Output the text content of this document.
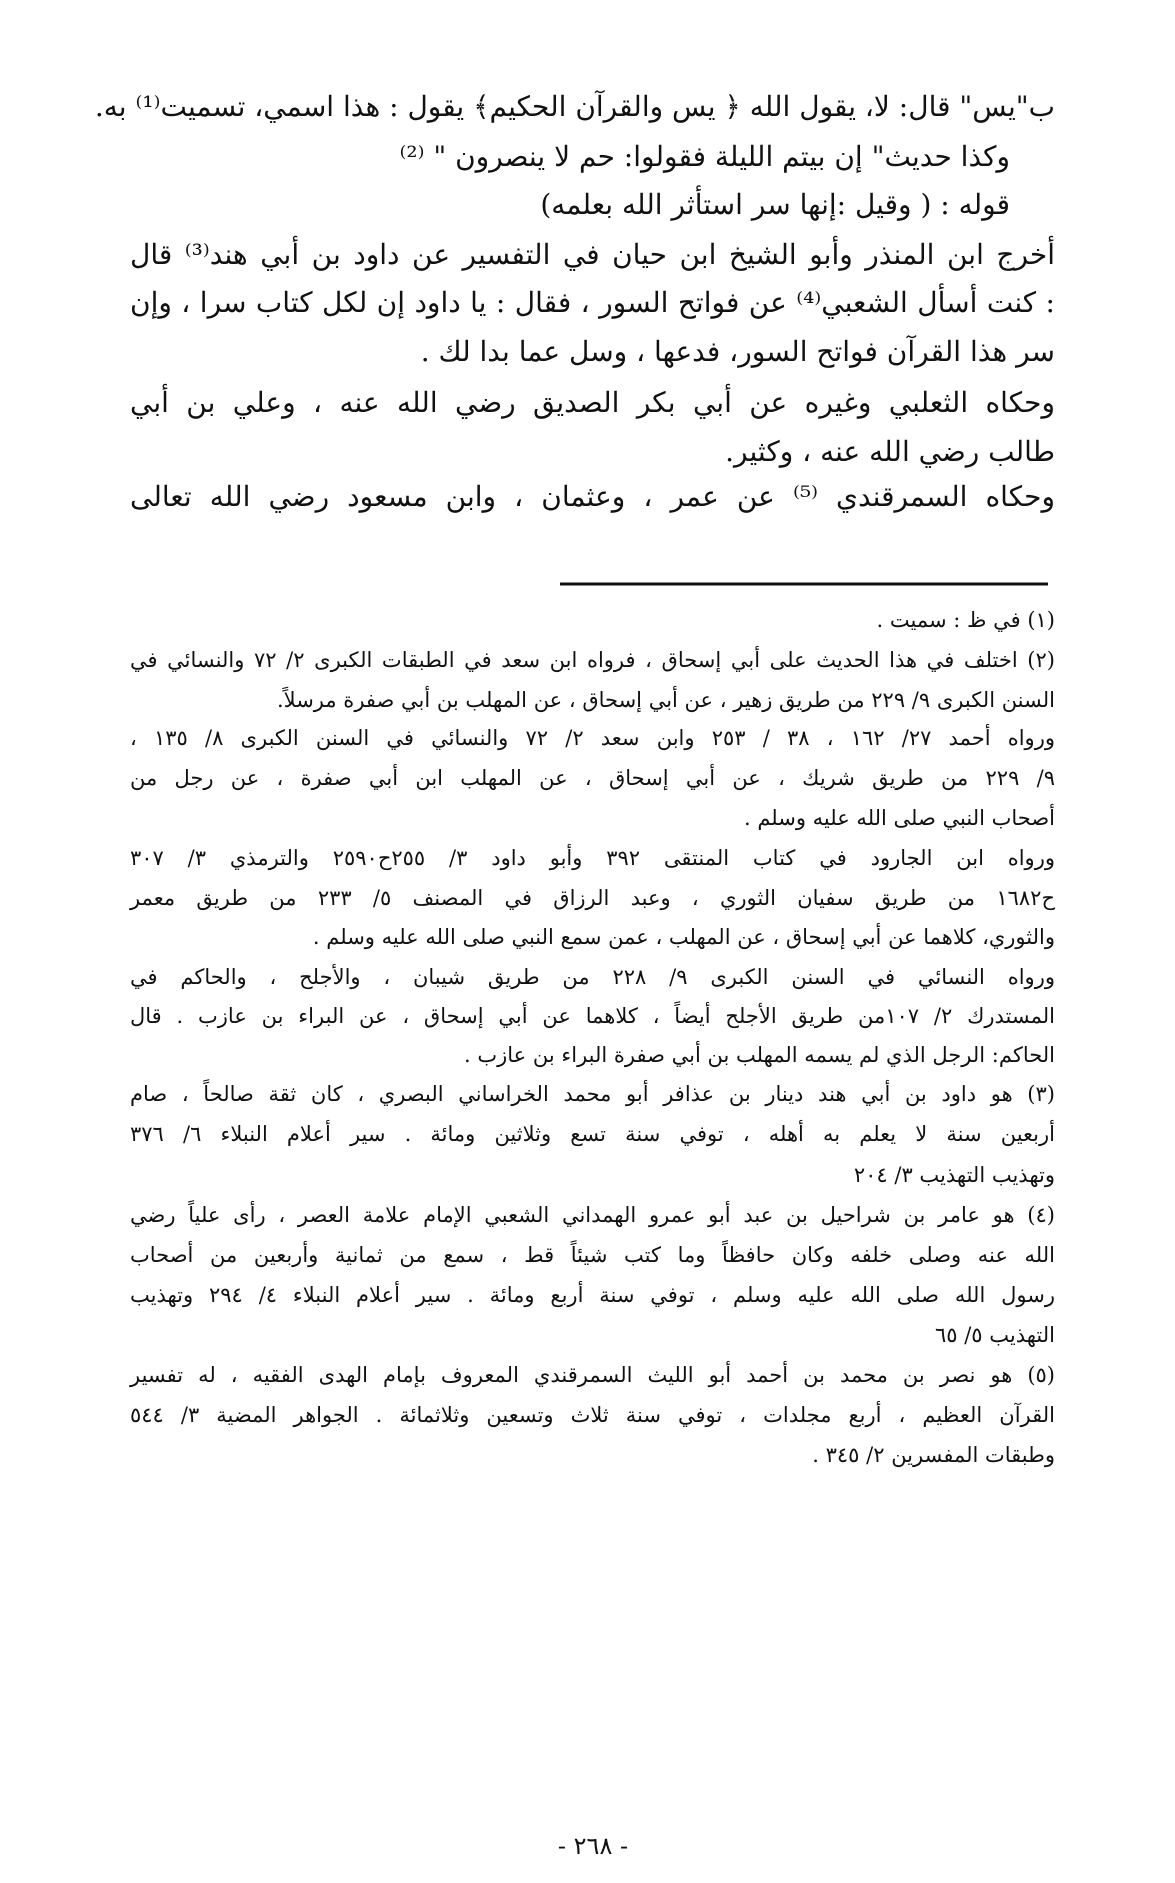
ب"يس" قال: لا، يقول الله ﴿ يس والقرآن الحكيم﴾ يقول : هذا اسمي، تسميت⁽¹⁾ به.
وكذا حديث" إن بيتم الليلة فقولوا: حم لا ينصرون " ⁽²⁾
قوله : ( وقيل :إنها سر استأثر الله بعلمه)
أخرج ابن المنذر وأبو الشيخ ابن حيان في التفسير عن داود بن أبي هند⁽³⁾ قال
: كنت أسأل الشعبي⁽⁴⁾ عن فواتح السور ، فقال : يا داود إن لكل كتاب سرا ، وإن
سر هذا القرآن فواتح السور، فدعها ، وسل عما بدا لك .
وحكاه الثعلبي وغيره عن أبي بكر الصديق رضي الله عنه ، وعلي بن أبي
طالب رضي الله عنه ، وكثير.
وحكاه السمرقندي ⁽⁵⁾ عن عمر ، وعثمان ، وابن مسعود رضي الله تعالى
(١) في ظ : سميت .
(٢) اختلف في هذا الحديث على أبي إسحاق ، فرواه ابن سعد في الطبقات الكبرى ٢/ ٧٢ والنسائي في
السنن الكبرى ٩/ ٢٢٩ من طريق زهير ، عن أبي إسحاق ، عن المهلب بن أبي صفرة مرسلاً.
ورواه أحمد ٢٧/ ١٦٢ ، ٣٨ / ٢٥٣ وابن سعد ٢/ ٧٢ والنسائي في السنن الكبرى ٨/ ١٣٥ ،
٩/ ٢٢٩ من طريق شريك ، عن أبي إسحاق ، عن المهلب ابن أبي صفرة ، عن رجل من
أصحاب النبي صلى الله عليه وسلم .
ورواه ابن الجارود في كتاب المنتقى ٣٩٢ وأبو داود ٣/ ٢٥٥ح٢٥٩٠ والترمذي ٣/ ٣٠٧
ح١٦٨٢ من طريق سفيان الثوري ، وعبد الرزاق في المصنف ٥/ ٢٣٣ من طريق معمر
والثوري، كلاهما عن أبي إسحاق ، عن المهلب ، عمن سمع النبي صلى الله عليه وسلم .
ورواه النسائي في السنن الكبرى ٩/ ٢٢٨ من طريق شيبان ، والأجلح ، والحاكم في
المستدرك ٢/ ١٠٧من طريق الأجلح أيضاً ، كلاهما عن أبي إسحاق ، عن البراء بن عازب . قال
الحاكم: الرجل الذي لم يسمه المهلب بن أبي صفرة البراء بن عازب .
(٣) هو داود بن أبي هند دينار بن عذافر أبو محمد الخراساني البصري ، كان ثقة صالحاً ، صام
أربعين سنة لا يعلم به أهله ، توفي سنة تسع وثلاثين ومائة . سير أعلام النبلاء ٦/ ٣٧٦
وتهذيب التهذيب ٣/ ٢٠٤
(٤) هو عامر بن شراحيل بن عبد أبو عمرو الهمداني الشعبي الإمام علامة العصر ، رأى علياً رضي
الله عنه وصلى خلفه وكان حافظاً وما كتب شيئاً قط ، سمع من ثمانية وأربعين من أصحاب
رسول الله صلى الله عليه وسلم ، توفي سنة أربع ومائة . سير أعلام النبلاء ٤/ ٢٩٤ وتهذيب
التهذيب ٥/ ٦٥
(٥) هو نصر بن محمد بن أحمد أبو الليث السمرقندي المعروف بإمام الهدى الفقيه ، له تفسير
القرآن العظيم ، أربع مجلدات ، توفي سنة ثلاث وتسعين وثلاثمائة . الجواهر المضية ٣/ ٥٤٤
وطبقات المفسرين ٢/ ٣٤٥ .
- ٢٦٨ -
